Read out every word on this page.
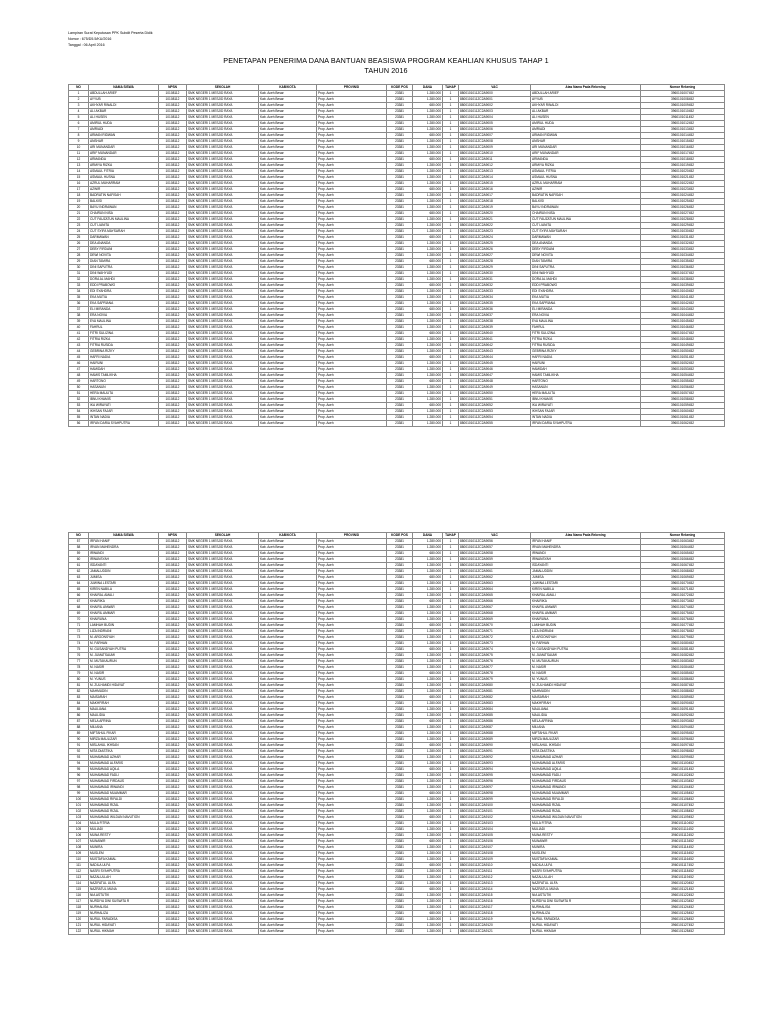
Lampiran Surat Keputusan PPK Subdit Peserta Didik
Nomor : 675/D5.5/KU/2016
Tanggal : 06 April 2016
PENETAPAN PENERIMA DANA BANTUAN BEASISWA PROGRAM KEAHLIAN KHUSUS TAHAP 1
TAHUN 2016
NO	NAMA SISWA	NPSN	SEKOLAH	KAB/KOTA	PROVINSI	KODE POS	DANA	TAHAP	VAC	Atas Nama Pada Rekening	Nomor Rekening
1	ABDULLAH ARIEF	10108112	SMK NEGERI 1 MESJID RAYA	Kab. Aceh Besar	Prop. Aceh	23381	1.280.000	1	8800101011ZC2A9000	ABDULLAH ARIEF	3960101007452
2	AYYUB	10108112	SMK NEGERI 1 MESJID RAYA	Kab. Aceh Besar	Prop. Aceh	23381	1.280.000	1	8800101011ZC2A9001	AYYUB	3960101008452
3	AKHYAR RINALDI	10108112	SMK NEGERI 1 MESJID RAYA	Kab. Aceh Besar	Prop. Aceh	23381	680.000	1	8800101011ZC2A9002	AKHYAR RINALDI	3960101009452
4	ALI AKBAR	10108112	SMK NEGERI 1 MESJID RAYA	Kab. Aceh Besar	Prop. Aceh	23381	1.280.000	1	8800101011ZC2A9003	ALI AKBAR	3960101010452
5	ALI HUSEN	10108112	SMK NEGERI 1 MESJID RAYA	Kab. Aceh Besar	Prop. Aceh	23381	1.280.000	1	8800101011ZC2A9004	ALI HUSEN	3960101011452
6	AMIRUL HUDA	10108112	SMK NEGERI 1 MESJID RAYA	Kab. Aceh Besar	Prop. Aceh	23381	1.280.000	1	8800101011ZC2A9005	AMIRUL HUDA	3960101012452
7	AMRIADI	10108112	SMK NEGERI 1 MESJID RAYA	Kab. Aceh Besar	Prop. Aceh	23381	1.280.000	1	8800101011ZC2A9006	AMRIADI	3960101013452
8	ARMAN RIDWAN	10108112	SMK NEGERI 1 MESJID RAYA	Kab. Aceh Besar	Prop. Aceh	23381	680.000	1	8800101011ZC2A9007	ARMAN RIDWAN	3960101014452
9	ANSHAR	10108112	SMK NEGERI 1 MESJID RAYA	Kab. Aceh Besar	Prop. Aceh	23381	1.280.000	1	8800101011ZC2A9008	ANSHAR	3960101015452
10	ARI MUNANDAR	10108112	SMK NEGERI 1 MESJID RAYA	Kab. Aceh Besar	Prop. Aceh	23381	1.280.000	1	8800101011ZC2A9009	ARI MUNANDAR	3960101016452
11	ARIF MUNANDAR	10108112	SMK NEGERI 1 MESJID RAYA	Kab. Aceh Besar	Prop. Aceh	23381	1.280.000	1	8800101011ZC2A9010	ARIF MUNANDAR	3960101017452
12	ARMANDA	10108112	SMK NEGERI 1 MESJID RAYA	Kab. Aceh Besar	Prop. Aceh	23381	680.000	1	8800101011ZC2A9011	ARMANDA	3960101018452
13	ARMIYA RIZKA	10108112	SMK NEGERI 1 MESJID RAYA	Kab. Aceh Besar	Prop. Aceh	23381	1.280.000	1	8800101011ZC2A9012	ARMIYA RIZKA	3960101019452
14	ASMAUL FITRIA	10108112	SMK NEGERI 1 MESJID RAYA	Kab. Aceh Besar	Prop. Aceh	23381	1.280.000	1	8800101011ZC2A9013	ASMAUL FITRIA	3960101020452
15	ASMAUL HUSNA	10108112	SMK NEGERI 1 MESJID RAYA	Kab. Aceh Besar	Prop. Aceh	23381	1.280.000	1	8800101011ZC2A9014	ASMAUL HUSNA	3960101021452
16	AZRUL MUHARRAM	10108112	SMK NEGERI 1 MESJID RAYA	Kab. Aceh Besar	Prop. Aceh	23381	1.280.000	1	8800101011ZC2A9015	AZRUL MUHARRAM	3960101022452
17	AZWIR	10108112	SMK NEGERI 1 MESJID RAYA	Kab. Aceh Besar	Prop. Aceh	23381	680.000	1	8800101011ZC2A9016	AZWIR	3960101023452
18	BADRATIN NAFISAH	10108112	SMK NEGERI 1 MESJID RAYA	Kab. Aceh Besar	Prop. Aceh	23381	1.280.000	1	8800101011ZC2A9017	BADRATIN NAFISAH	3960101024452
19	BALKISI	10108112	SMK NEGERI 1 MESJID RAYA	Kab. Aceh Besar	Prop. Aceh	23381	1.280.000	1	8800101011ZC2A9018	BALKISI	3960101025452
20	BAYU INDRAWAN	10108112	SMK NEGERI 1 MESJID RAYA	Kab. Aceh Besar	Prop. Aceh	23381	1.280.000	1	8800101011ZC2A9019	BAYU INDRAWAN	3960101026452
21	CHAIRUN NISA	10108112	SMK NEGERI 1 MESJID RAYA	Kab. Aceh Besar	Prop. Aceh	23381	680.000	1	8800101011ZC2A9020	CHAIRUN NISA	3960101027452
22	CUT FAUZATUN MAULINA	10108112	SMK NEGERI 1 MESJID RAYA	Kab. Aceh Besar	Prop. Aceh	23381	1.280.000	1	8800101011ZC2A9021	CUT FAUZATUN MAULINA	3960101028452
23	CUT LIANITA	10108112	SMK NEGERI 1 MESJID RAYA	Kab. Aceh Besar	Prop. Aceh	23381	1.280.000	1	8800101011ZC2A9022	CUT LIANITA	3960101029452
24	CUT SYIFA MAYSARAH	10108112	SMK NEGERI 1 MESJID RAYA	Kab. Aceh Besar	Prop. Aceh	23381	1.280.000	1	8800101011ZC2A9023	CUT SYIFA MAYSARAH	3960101030452
25	DARMAWAN	10108112	SMK NEGERI 1 MESJID RAYA	Kab. Aceh Besar	Prop. Aceh	23381	680.000	1	8800101011ZC2A9024	DARMAWAN	3960101031452
26	DEA ANANDA	10108112	SMK NEGERI 1 MESJID RAYA	Kab. Aceh Besar	Prop. Aceh	23381	1.280.000	1	8800101011ZC2A9025	DEA ANANDA	3960101032452
27	DEBY FIRDANI	10108112	SMK NEGERI 1 MESJID RAYA	Kab. Aceh Besar	Prop. Aceh	23381	1.280.000	1	8800101011ZC2A9026	DEBY FIRDANI	3960101033452
28	DEWI NOVITA	10108112	SMK NEGERI 1 MESJID RAYA	Kab. Aceh Besar	Prop. Aceh	23381	1.280.000	1	8800101011ZC2A9027	DEWI NOVITA	3960101034452
29	DIAN TAMIRA	10108112	SMK NEGERI 1 MESJID RAYA	Kab. Aceh Besar	Prop. Aceh	23381	680.000	1	8800101011ZC2A9028	DIAN TAMIRA	3960101035452
30	DINI SAPUTRA	10108112	SMK NEGERI 1 MESJID RAYA	Kab. Aceh Besar	Prop. Aceh	23381	1.280.000	1	8800101011ZC2A9029	DINI SAPUTRA	3960101036452
31	DINI WAHYUDI	10108112	SMK NEGERI 1 MESJID RAYA	Kab. Aceh Besar	Prop. Aceh	23381	1.280.000	1	8800101011ZC2A9030	DINI WAHYUDI	3960101037452
32	DORA AL MAHDI	10108112	SMK NEGERI 1 MESJID RAYA	Kab. Aceh Besar	Prop. Aceh	23381	1.280.000	1	8800101011ZC2A9031	DORA AL MAHDI	3960101038452
33	EDDI PRABOWO	10108112	SMK NEGERI 1 MESJID RAYA	Kab. Aceh Besar	Prop. Aceh	23381	680.000	1	8800101011ZC2A9032	EDDI PRABOWO	3960101039452
34	EDI SYAHDRA	10108112	SMK NEGERI 1 MESJID RAYA	Kab. Aceh Besar	Prop. Aceh	23381	1.280.000	1	8800101011ZC2A9033	EDI SYAHDRA	3960101040452
35	EKA MUTIA	10108112	SMK NEGERI 1 MESJID RAYA	Kab. Aceh Besar	Prop. Aceh	23381	1.280.000	1	8800101011ZC2A9034	EKA MUTIA	3960101041452
36	EKA SAPRIANA	10108112	SMK NEGERI 1 MESJID RAYA	Kab. Aceh Besar	Prop. Aceh	23381	1.280.000	1	8800101011ZC2A9035	EKA SAPRIANA	3960101042452
37	ELI MIRANDA	10108112	SMK NEGERI 1 MESJID RAYA	Kab. Aceh Besar	Prop. Aceh	23381	680.000	1	8800101011ZC2A9036	ELI MIRANDA	3960101043452
38	ERA NOVIA	10108112	SMK NEGERI 1 MESJID RAYA	Kab. Aceh Besar	Prop. Aceh	23381	1.280.000	1	8800101011ZC2A9037	ERA NOVIA	3960101044452
39	EVA MAULINA	10108112	SMK NEGERI 1 MESJID RAYA	Kab. Aceh Besar	Prop. Aceh	23381	1.280.000	1	8800101011ZC2A9038	EVA MAULINA	3960101045452
40	FAHRUL	10108112	SMK NEGERI 1 MESJID RAYA	Kab. Aceh Besar	Prop. Aceh	23381	1.280.000	1	8800101011ZC2A9039	FAHRUL	3960101046452
41	FITRI SULIZINA	10108112	SMK NEGERI 1 MESJID RAYA	Kab. Aceh Besar	Prop. Aceh	23381	680.000	1	8800101011ZC2A9040	FITRI SULIZINA	3960101047452
42	FITRIA RIZKA	10108112	SMK NEGERI 1 MESJID RAYA	Kab. Aceh Besar	Prop. Aceh	23381	1.280.000	1	8800101011ZC2A9041	FITRIA RIZKA	3960101048452
43	FITRIA RUSIDA	10108112	SMK NEGERI 1 MESJID RAYA	Kab. Aceh Besar	Prop. Aceh	23381	1.280.000	1	8800101011ZC2A9042	FITRIA RUSIDA	3960101049452
44	GEBRINA RIZKY	10108112	SMK NEGERI 1 MESJID RAYA	Kab. Aceh Besar	Prop. Aceh	23381	1.280.000	1	8800101011ZC2A9043	GEBRINA RIZKY	3960101050452
45	HAFRI NADIA	10108112	SMK NEGERI 1 MESJID RAYA	Kab. Aceh Besar	Prop. Aceh	23381	680.000	1	8800101011ZC2A9044	HAFRI NADIA	3960101051452
46	HAIRUNI	10108112	SMK NEGERI 1 MESJID RAYA	Kab. Aceh Besar	Prop. Aceh	23381	1.280.000	1	8800101011ZC2A9045	HAIRUNI	3960101052452
47	HAMIDAH	10108112	SMK NEGERI 1 MESJID RAYA	Kab. Aceh Besar	Prop. Aceh	23381	1.280.000	1	8800101011ZC2A9046	HAMIDAH	3960101053452
48	HAMIS TAMLIKHA	10108112	SMK NEGERI 1 MESJID RAYA	Kab. Aceh Besar	Prop. Aceh	23381	1.280.000	1	8800101011ZC2A9047	HAMIS TAMLIKHA	3960101054452
49	HARTONO	10108112	SMK NEGERI 1 MESJID RAYA	Kab. Aceh Besar	Prop. Aceh	23381	680.000	1	8800101011ZC2A9048	HARTONO	3960101055452
50	HASANUN	10108112	SMK NEGERI 1 MESJID RAYA	Kab. Aceh Besar	Prop. Aceh	23381	1.280.000	1	8800101011ZC2A9049	HASANUN	3960101056452
51	HERA MAULITA	10108112	SMK NEGERI 1 MESJID RAYA	Kab. Aceh Besar	Prop. Aceh	23381	1.280.000	1	8800101011ZC2A9050	HERA MAULITA	3960101057452
52	IBNU KHAMIS	10108112	SMK NEGERI 1 MESJID RAYA	Kab. Aceh Besar	Prop. Aceh	23381	1.280.000	1	8800101011ZC2A9051	IBNU KHAMIS	3960101058452
53	IKA WIRAYATI	10108112	SMK NEGERI 1 MESJID RAYA	Kab. Aceh Besar	Prop. Aceh	23381	680.000	1	8800101011ZC2A9052	IKA WIRAYATI	3960101059452
54	IKHSAN FAJAR	10108112	SMK NEGERI 1 MESJID RAYA	Kab. Aceh Besar	Prop. Aceh	23381	1.280.000	1	8800101011ZC2A9053	IKHSAN FAJAR	3960101060452
55	INTAN NADIA	10108112	SMK NEGERI 1 MESJID RAYA	Kab. Aceh Besar	Prop. Aceh	23381	1.280.000	1	8800101011ZC2A9054	INTAN NADIA	3960101061452
56	IRFAN DARIA SYAHPUTRA	10108112	SMK NEGERI 1 MESJID RAYA	Kab. Aceh Besar	Prop. Aceh	23381	1.280.000	1	8800101011ZC2A9055	IRFAN DARIA SYAHPUTRA	3960101062452
NO	NAMA SISWA	NPSN	SEKOLAH	KAB/KOTA	PROVINSI	KODE POS	DANA	TAHAP	VAC	Atas Nama Pada Rekening	Nomor Rekening
57	IRFAN HANIF	10108112	SMK NEGERI 1 MESJID RAYA	Kab. Aceh Besar	Prop. Aceh	23381	1.280.000	1	8800101011ZC2A9056	IRFAN HANIF	3960101063452
58	IRVAN MAHENDRA	10108112	SMK NEGERI 1 MESJID RAYA	Kab. Aceh Besar	Prop. Aceh	23381	1.280.000	1	8800101011ZC2A9057	IRVAN MAHENDRA	3960101064452
59	IRWANDI	10108112	SMK NEGERI 1 MESJID RAYA	Kab. Aceh Besar	Prop. Aceh	23381	680.000	1	8800101011ZC2A9058	IRWANDI	3960101065452
60	IRWANSYAH	10108112	SMK NEGERI 1 MESJID RAYA	Kab. Aceh Besar	Prop. Aceh	23381	1.280.000	1	8800101011ZC2A9059	IRWANSYAH	3960101066452
61	ISDAYANTI	10108112	SMK NEGERI 1 MESJID RAYA	Kab. Aceh Besar	Prop. Aceh	23381	1.280.000	1	8800101011ZC2A9060	ISDAYANTI	3960101067452
62	JAMALUDDIN	10108112	SMK NEGERI 1 MESJID RAYA	Kab. Aceh Besar	Prop. Aceh	23381	1.280.000	1	8800101011ZC2A9061	JAMALUDDIN	3960101068452
63	JUMISA	10108112	SMK NEGERI 1 MESJID RAYA	Kab. Aceh Besar	Prop. Aceh	23381	680.000	1	8800101011ZC2A9062	JUMISA	3960101069452
64	JUWINA LESTARI	10108112	SMK NEGERI 1 MESJID RAYA	Kab. Aceh Besar	Prop. Aceh	23381	1.280.000	1	8800101011ZC2A9063	JUWINA LESTARI	3960101070452
65	KIREN NABILA	10108112	SMK NEGERI 1 MESJID RAYA	Kab. Aceh Besar	Prop. Aceh	23381	1.280.000	1	8800101011ZC2A9064	KIREN NABILA	3960101071452
66	KHAIRAL AMALI	10108112	SMK NEGERI 1 MESJID RAYA	Kab. Aceh Besar	Prop. Aceh	23381	1.280.000	1	8800101011ZC2A9065	KHAIRAL AMALI	3960101072452
67	KHAIRIKA	10108112	SMK NEGERI 1 MESJID RAYA	Kab. Aceh Besar	Prop. Aceh	23381	680.000	1	8800101011ZC2A9066	KHAIRIKA	3960101073452
68	KHAIRIL ANWAR	10108112	SMK NEGERI 1 MESJID RAYA	Kab. Aceh Besar	Prop. Aceh	23381	1.280.000	1	8800101011ZC2A9067	KHAIRIL ANWAR	3960101074452
69	KHAIRIL AMMAR	10108112	SMK NEGERI 1 MESJID RAYA	Kab. Aceh Besar	Prop. Aceh	23381	1.280.000	1	8800101011ZC2A9068	KHAIRIL AMMAR	3960101075452
70	KHAIRUNA	10108112	SMK NEGERI 1 MESJID RAYA	Kab. Aceh Besar	Prop. Aceh	23381	1.280.000	1	8800101011ZC2A9069	KHAIRUNA	3960101076452
71	LAMHAH BUDIN	10108112	SMK NEGERI 1 MESJID RAYA	Kab. Aceh Besar	Prop. Aceh	23381	680.000	1	8800101011ZC2A9070	LAMHAH BUDIN	3960101077452
72	LIZA INDRIANI	10108112	SMK NEGERI 1 MESJID RAYA	Kab. Aceh Besar	Prop. Aceh	23381	1.280.000	1	8800101011ZC2A9071	LIZA INDRIANI	3960101078452
73	M. ARGONSYAH	10108112	SMK NEGERI 1 MESJID RAYA	Kab. Aceh Besar	Prop. Aceh	23381	1.280.000	1	8800101011ZC2A9072	M. ARGONSYAH	3960101079452
74	M. FARHAN	10108112	SMK NEGERI 1 MESJID RAYA	Kab. Aceh Besar	Prop. Aceh	23381	1.280.000	1	8800101011ZC2A9073	M. FARHAN	3960101080452
75	M. GUSANDYAH PUTRA	10108112	SMK NEGERI 1 MESJID RAYA	Kab. Aceh Besar	Prop. Aceh	23381	680.000	1	8800101011ZC2A9074	M. GUSANDYAH PUTRA	3960101081452
76	M. JUMATSAUMI	10108112	SMK NEGERI 1 MESJID RAYA	Kab. Aceh Besar	Prop. Aceh	23381	1.280.000	1	8800101011ZC2A9075	M. JUMATSAUMI	3960101082452
77	M. MUTAKAURUN	10108112	SMK NEGERI 1 MESJID RAYA	Kab. Aceh Besar	Prop. Aceh	23381	1.280.000	1	8800101011ZC2A9076	M. MUTAKAURUN	3960101083452
78	M. NASIR	10108112	SMK NEGERI 1 MESJID RAYA	Kab. Aceh Besar	Prop. Aceh	23381	1.280.000	1	8800101011ZC2A9077	M. NASIR	3960101084452
79	M. NASIR	10108112	SMK NEGERI 1 MESJID RAYA	Kab. Aceh Besar	Prop. Aceh	23381	680.000	1	8800101011ZC2A9078	M. NASIR	3960101085452
80	M. YUNUS	10108112	SMK NEGERI 1 MESJID RAYA	Kab. Aceh Besar	Prop. Aceh	23381	1.280.000	1	8800101011ZC2A9079	M. YUNUS	3960101086452
81	M. ZULHAMDI HIDAYAT	10108112	SMK NEGERI 1 MESJID RAYA	Kab. Aceh Besar	Prop. Aceh	23381	1.280.000	1	8800101011ZC2A9080	M. ZULHAMDI HIDAYAT	3960101087452
82	MAHMUDIN	10108112	SMK NEGERI 1 MESJID RAYA	Kab. Aceh Besar	Prop. Aceh	23381	1.280.000	1	8800101011ZC2A9081	MAHMUDIN	3960101088452
83	MAISARAH	10108112	SMK NEGERI 1 MESJID RAYA	Kab. Aceh Besar	Prop. Aceh	23381	680.000	1	8800101011ZC2A9082	MAISARAH	3960101089452
84	MAKHFIRAH	10108112	SMK NEGERI 1 MESJID RAYA	Kab. Aceh Besar	Prop. Aceh	23381	1.280.000	1	8800101011ZC2A9083	MAKHFIRAH	3960101090452
85	MAULIANA	10108112	SMK NEGERI 1 MESJID RAYA	Kab. Aceh Besar	Prop. Aceh	23381	1.280.000	1	8800101011ZC2A9084	MAULIANA	3960101091452
86	MAULIDIA	10108112	SMK NEGERI 1 MESJID RAYA	Kab. Aceh Besar	Prop. Aceh	23381	1.280.000	1	8800101011ZC2A9085	MAULIDIA	3960101092452
87	MELA AFRINA	10108112	SMK NEGERI 1 MESJID RAYA	Kab. Aceh Besar	Prop. Aceh	23381	680.000	1	8800101011ZC2A9086	MELA AFRINA	3960101093452
88	MILIANA	10108112	SMK NEGERI 1 MESJID RAYA	Kab. Aceh Besar	Prop. Aceh	23381	1.280.000	1	8800101011ZC2A9087	MILIANA	3960101094452
89	MIFTAHUL FIKAR	10108112	SMK NEGERI 1 MESJID RAYA	Kab. Aceh Besar	Prop. Aceh	23381	1.280.000	1	8800101011ZC2A9088	MIFTAHUL FIKAR	3960101095452
90	MIRZA MAULIZAR	10108112	SMK NEGERI 1 MESJID RAYA	Kab. Aceh Besar	Prop. Aceh	23381	1.280.000	1	8800101011ZC2A9089	MIRZA MAULIZAR	3960101096452
91	MISLAHUL IKHSAN	10108112	SMK NEGERI 1 MESJID RAYA	Kab. Aceh Besar	Prop. Aceh	23381	680.000	1	8800101011ZC2A9090	MISLAHUL IKHSAN	3960101097452
92	MITA DIASTIKA	10108112	SMK NEGERI 1 MESJID RAYA	Kab. Aceh Besar	Prop. Aceh	23381	1.280.000	1	8800101011ZC2A9091	MITA DIASTIKA	3960101098452
93	MUHAMMAD AZHAR	10108112	SMK NEGERI 1 MESJID RAYA	Kab. Aceh Besar	Prop. Aceh	23381	1.280.000	1	8800101011ZC2A9092	MUHAMMAD AZHAR	3960101099452
94	MUHAMMAD ALFARIS	10108112	SMK NEGERI 1 MESJID RAYA	Kab. Aceh Besar	Prop. Aceh	23381	1.280.000	1	8800101011ZC2A9093	MUHAMMAD ALFARIS	3960101100452
95	MUHAMMAD AQILA	10108112	SMK NEGERI 1 MESJID RAYA	Kab. Aceh Besar	Prop. Aceh	23381	680.000	1	8800101011ZC2A9094	MUHAMMAD AQILA	3960101101452
96	MUHAMMAD FADLI	10108112	SMK NEGERI 1 MESJID RAYA	Kab. Aceh Besar	Prop. Aceh	23381	1.280.000	1	8800101011ZC2A9095	MUHAMMAD FADLI	3960101102452
97	MUHAMMAD FIRDAUS	10108112	SMK NEGERI 1 MESJID RAYA	Kab. Aceh Besar	Prop. Aceh	23381	1.280.000	1	8800101011ZC2A9096	MUHAMMAD FIRDAUS	3960101103452
98	MUHAMMAD IRWANDI	10108112	SMK NEGERI 1 MESJID RAYA	Kab. Aceh Besar	Prop. Aceh	23381	1.280.000	1	8800101011ZC2A9097	MUHAMMAD IRWANDI	3960101104452
99	MUHAMMAD MUAMMAR	10108112	SMK NEGERI 1 MESJID RAYA	Kab. Aceh Besar	Prop. Aceh	23381	680.000	1	8800101011ZC2A9098	MUHAMMAD MUAMMAR	3960101105452
100	MUHAMMAD RIFALDI	10108112	SMK NEGERI 1 MESJID RAYA	Kab. Aceh Besar	Prop. Aceh	23381	1.280.000	1	8800101011ZC2A9099	MUHAMMAD RIFALDI	3960101106452
101	MUHAMMAD RIZAL	10108112	SMK NEGERI 1 MESJID RAYA	Kab. Aceh Besar	Prop. Aceh	23381	1.280.000	1	8800101011ZC2A9100	MUHAMMAD RIZAL	3960101107452
102	MUHAMMAD RIZAL	10108112	SMK NEGERI 1 MESJID RAYA	Kab. Aceh Besar	Prop. Aceh	23381	1.280.000	1	8800101011ZC2A9101	MUHAMMAD RIZAL	3960101108452
103	MUHAMMAD WILDAN NAVUTION	10108112	SMK NEGERI 1 MESJID RAYA	Kab. Aceh Besar	Prop. Aceh	23381	680.000	1	8800101011ZC2A9102	MUHAMMAD WILDAN NAVUTION	3960101109452
104	MULA FITRIA	10108112	SMK NEGERI 1 MESJID RAYA	Kab. Aceh Besar	Prop. Aceh	23381	1.280.000	1	8800101011ZC2A9103	MULA FITRIA	3960101110452
105	MULIADI	10108112	SMK NEGERI 1 MESJID RAYA	Kab. Aceh Besar	Prop. Aceh	23381	1.280.000	1	8800101011ZC2A9104	MULIADI	3960101111452
106	MUNA RESTY	10108112	SMK NEGERI 1 MESJID RAYA	Kab. Aceh Besar	Prop. Aceh	23381	1.280.000	1	8800101011ZC2A9105	MUNA RESTY	3960101112452
107	MUNAWIR	10108112	SMK NEGERI 1 MESJID RAYA	Kab. Aceh Besar	Prop. Aceh	23381	680.000	1	8800101011ZC2A9106	MUNAWIR	3960101113452
108	MUNIRA	10108112	SMK NEGERI 1 MESJID RAYA	Kab. Aceh Besar	Prop. Aceh	23381	1.280.000	1	8800101011ZC2A9107	MUNIRA	3960101114452
109	MUSLEM	10108112	SMK NEGERI 1 MESJID RAYA	Kab. Aceh Besar	Prop. Aceh	23381	1.280.000	1	8800101011ZC2A9108	MUSLEM	3960101115452
110	MUSTAFA KAMAL	10108112	SMK NEGERI 1 MESJID RAYA	Kab. Aceh Besar	Prop. Aceh	23381	1.280.000	1	8800101011ZC2A9109	MUSTAFA KAMAL	3960101116452
111	NADILA ULFA	10108112	SMK NEGERI 1 MESJID RAYA	Kab. Aceh Besar	Prop. Aceh	23381	680.000	1	8800101011ZC2A9110	NADILA ULFA	3960101117452
112	NASRI SYAHPUTRA	10108112	SMK NEGERI 1 MESJID RAYA	Kab. Aceh Besar	Prop. Aceh	23381	1.280.000	1	8800101011ZC2A9111	NASRI SYAHPUTRA	3960101118452
113	NAZALULLAH	10108112	SMK NEGERI 1 MESJID RAYA	Kab. Aceh Besar	Prop. Aceh	23381	1.280.000	1	8800101011ZC2A9112	NAZALULLAH	3960101119452
114	NAZIFATUL ULFA	10108112	SMK NEGERI 1 MESJID RAYA	Kab. Aceh Besar	Prop. Aceh	23381	1.280.000	1	8800101011ZC2A9113	NAZIFATUL ULFA	3960101120452
115	NAZRATUL MUNA	10108112	SMK NEGERI 1 MESJID RAYA	Kab. Aceh Besar	Prop. Aceh	23381	680.000	1	8800101011ZC2A9114	NAZRATUL MUNA	3960101121452
116	NIA ASTUTIK	10108112	SMK NEGERI 1 MESJID RAYA	Kab. Aceh Besar	Prop. Aceh	23381	1.280.000	1	8800101011ZC2A9115	NIA ASTUTIK	3960101122452
117	NURDIYA DWI SUSWITA R	10108112	SMK NEGERI 1 MESJID RAYA	Kab. Aceh Besar	Prop. Aceh	23381	1.280.000	1	8800101011ZC2A9116	NURDIYA DWI SUSWITA R	3960101123452
118	NURHALISA	10108112	SMK NEGERI 1 MESJID RAYA	Kab. Aceh Besar	Prop. Aceh	23381	1.280.000	1	8800101011ZC2A9117	NURHALISA	3960101124452
119	NURHALIZA	10108112	SMK NEGERI 1 MESJID RAYA	Kab. Aceh Besar	Prop. Aceh	23381	680.000	1	8800101011ZC2A9118	NURHALIZA	3960101125452
120	NURUL FARADISA	10108112	SMK NEGERI 1 MESJID RAYA	Kab. Aceh Besar	Prop. Aceh	23381	1.280.000	1	8800101011ZC2A9119	NURUL FARADISA	3960101126452
121	NURUL HIDAYATI	10108112	SMK NEGERI 1 MESJID RAYA	Kab. Aceh Besar	Prop. Aceh	23381	1.280.000	1	8800101011ZC2A9120	NURUL HIDAYATI	3960101127452
122	NURUL HIKMAH	10108112	SMK NEGERI 1 MESJID RAYA	Kab. Aceh Besar	Prop. Aceh	23381	1.280.000	1	8800101011ZC2A9121	NURUL HIKMAH	3960101128452
